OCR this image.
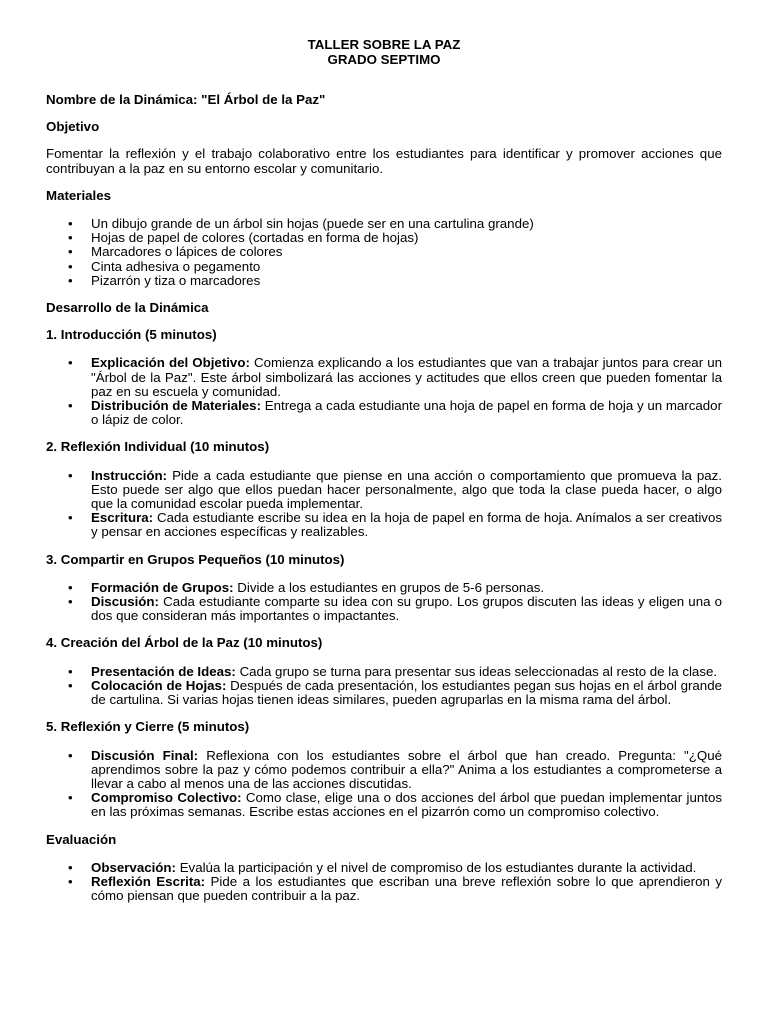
TALLER SOBRE LA PAZ
GRADO SEPTIMO

Nombre de la Dinámica: "El Árbol de la Paz"

Objetivo

Fomentar la reflexión y el trabajo colaborativo entre los estudiantes para identificar y promover acciones que contribuyan a la paz en su entorno escolar y comunitario.

Materiales

• Un dibujo grande de un árbol sin hojas (puede ser en una cartulina grande)
• Hojas de papel de colores (cortadas en forma de hojas)
• Marcadores o lápices de colores
• Cinta adhesiva o pegamento
• Pizarrón y tiza o marcadores

Desarrollo de la Dinámica

1. Introducción (5 minutos)

• Explicación del Objetivo: Comienza explicando a los estudiantes que van a trabajar juntos para crear un "Árbol de la Paz". Este árbol simbolizará las acciones y actitudes que ellos creen que pueden fomentar la paz en su escuela y comunidad.
• Distribución de Materiales: Entrega a cada estudiante una hoja de papel en forma de hoja y un marcador o lápiz de color.

2. Reflexión Individual (10 minutos)

• Instrucción: Pide a cada estudiante que piense en una acción o comportamiento que promueva la paz. Esto puede ser algo que ellos puedan hacer personalmente, algo que toda la clase pueda hacer, o algo que la comunidad escolar pueda implementar.
• Escritura: Cada estudiante escribe su idea en la hoja de papel en forma de hoja. Anímalos a ser creativos y pensar en acciones específicas y realizables.

3. Compartir en Grupos Pequeños (10 minutos)

• Formación de Grupos: Divide a los estudiantes en grupos de 5-6 personas.
• Discusión: Cada estudiante comparte su idea con su grupo. Los grupos discuten las ideas y eligen una o dos que consideran más importantes o impactantes.

4. Creación del Árbol de la Paz (10 minutos)

• Presentación de Ideas: Cada grupo se turna para presentar sus ideas seleccionadas al resto de la clase.
• Colocación de Hojas: Después de cada presentación, los estudiantes pegan sus hojas en el árbol grande de cartulina. Si varias hojas tienen ideas similares, pueden agruparlas en la misma rama del árbol.

5. Reflexión y Cierre (5 minutos)

• Discusión Final: Reflexiona con los estudiantes sobre el árbol que han creado. Pregunta: "¿Qué aprendimos sobre la paz y cómo podemos contribuir a ella?" Anima a los estudiantes a comprometerse a llevar a cabo al menos una de las acciones discutidas.
• Compromiso Colectivo: Como clase, elige una o dos acciones del árbol que puedan implementar juntos en las próximas semanas. Escribe estas acciones en el pizarrón como un compromiso colectivo.

Evaluación

• Observación: Evalúa la participación y el nivel de compromiso de los estudiantes durante la actividad.
• Reflexión Escrita: Pide a los estudiantes que escriban una breve reflexión sobre lo que aprendieron y cómo piensan que pueden contribuir a la paz.
